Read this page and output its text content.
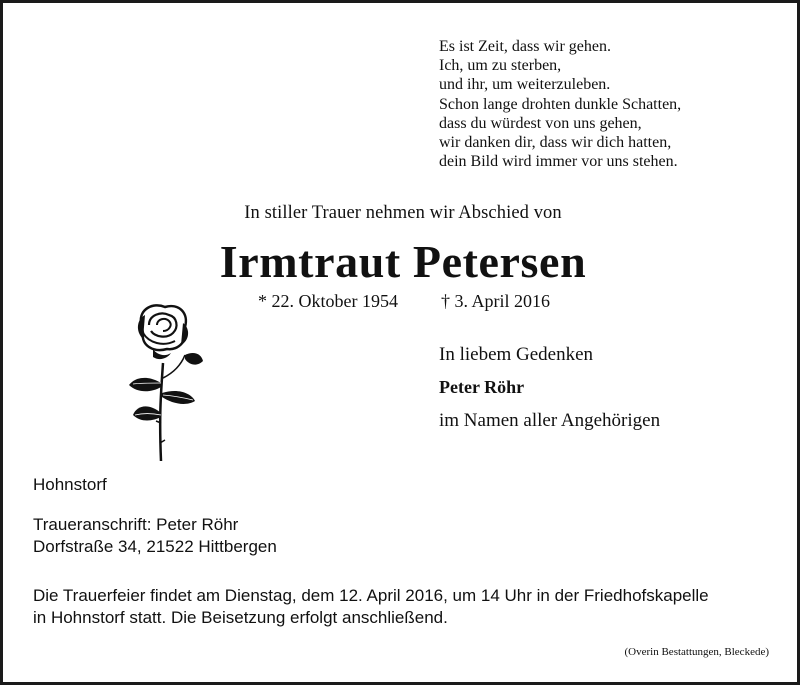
Es ist Zeit, dass wir gehen.
Ich, um zu sterben,
und ihr, um weiterzuleben.
Schon lange drohten dunkle Schatten,
dass du würdest von uns gehen,
wir danken dir, dass wir dich hatten,
dein Bild wird immer vor uns stehen.
In stiller Trauer nehmen wir Abschied von
Irmtraut Petersen
* 22. Oktober 1954 † 3. April 2016
In liebem Gedenken
Peter Röhr
im Namen aller Angehörigen
Hohnstorf
Traueranschrift: Peter Röhr
Dorfstraße 34, 21522 Hittbergen
Die Trauerfeier findet am Dienstag, dem 12. April 2016, um 14 Uhr in der Friedhofskapelle
in Hohnstorf statt. Die Beisetzung erfolgt anschließend.
(Overin Bestattungen, Bleckede)
